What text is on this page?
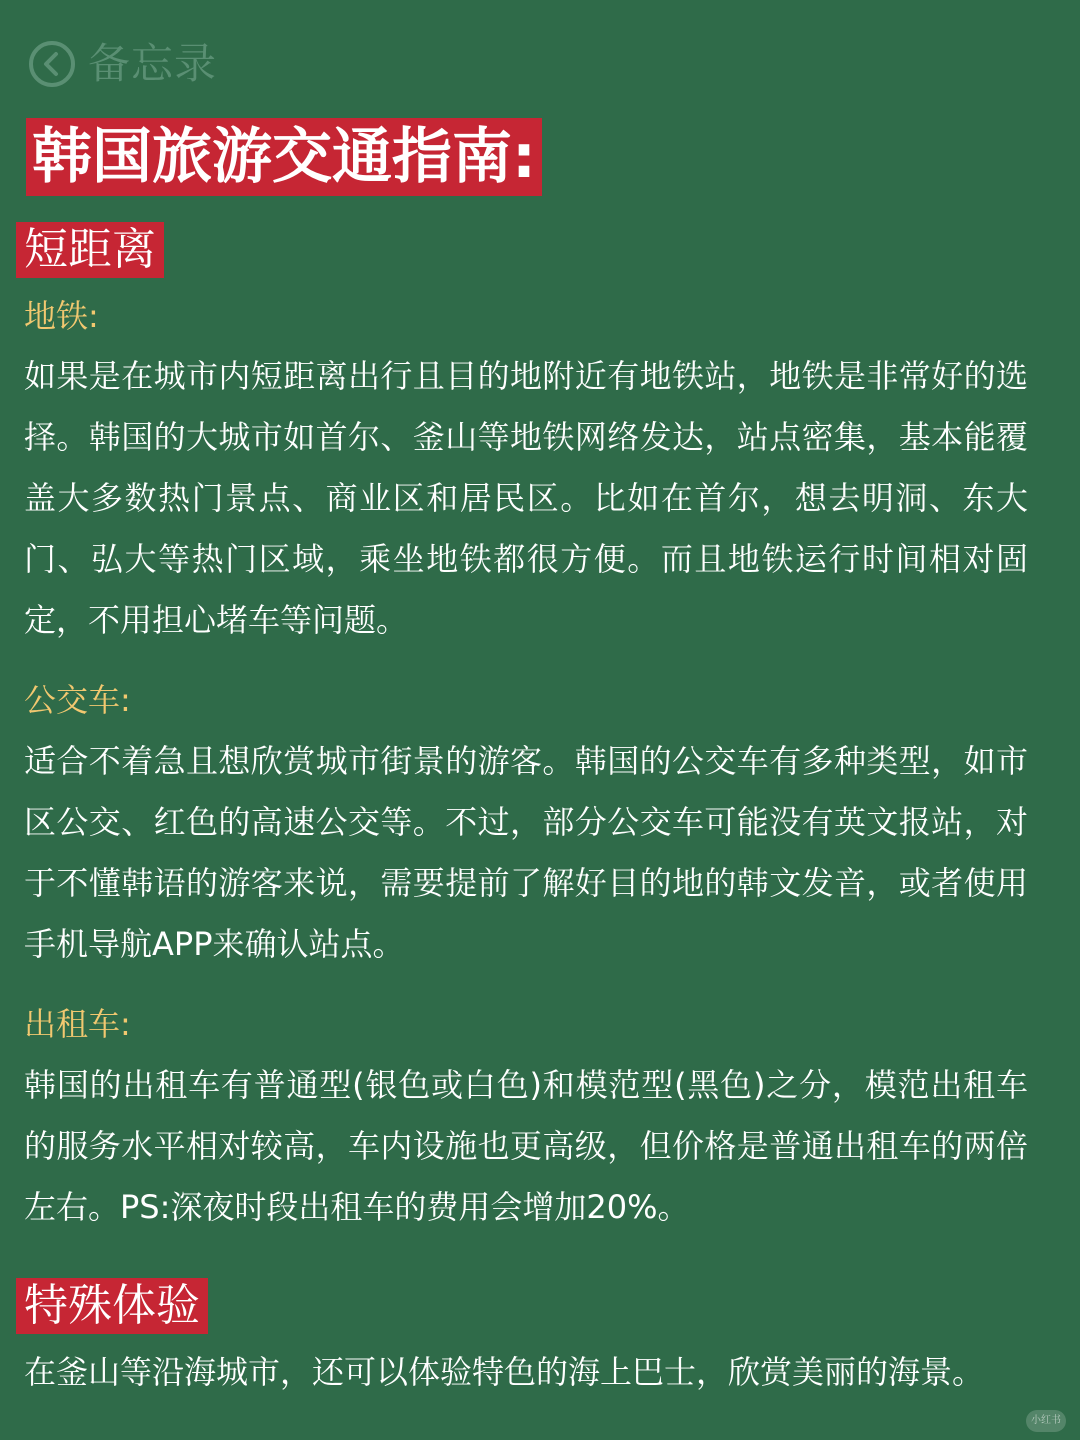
备忘录
韩国旅游交通指南:
短距离
地铁:
如果是在城市内短距离出行且目的地附近有地铁站，地铁是非常好的选择。韩国的大城市如首尔、釜山等地铁网络发达，站点密集，基本能覆盖大多数热门景点、商业区和居民区。比如在首尔，想去明洞、东大门、弘大等热门区域，乘坐地铁都很方便。而且地铁运行时间相对固定，不用担心堵车等问题。
公交车:
适合不着急且想欣赏城市街景的游客。韩国的公交车有多种类型，如市区公交、红色的高速公交等。不过，部分公交车可能没有英文报站，对于不懂韩语的游客来说，需要提前了解好目的地的韩文发音，或者使用手机导航APP来确认站点。
出租车:
韩国的出租车有普通型(银色或白色)和模范型(黑色)之分，模范出租车的服务水平相对较高，车内设施也更高级，但价格是普通出租车的两倍左右。PS:深夜时段出租车的费用会增加20%。
特殊体验
在釜山等沿海城市，还可以体验特色的海上巴士，欣赏美丽的海景。
小红书
